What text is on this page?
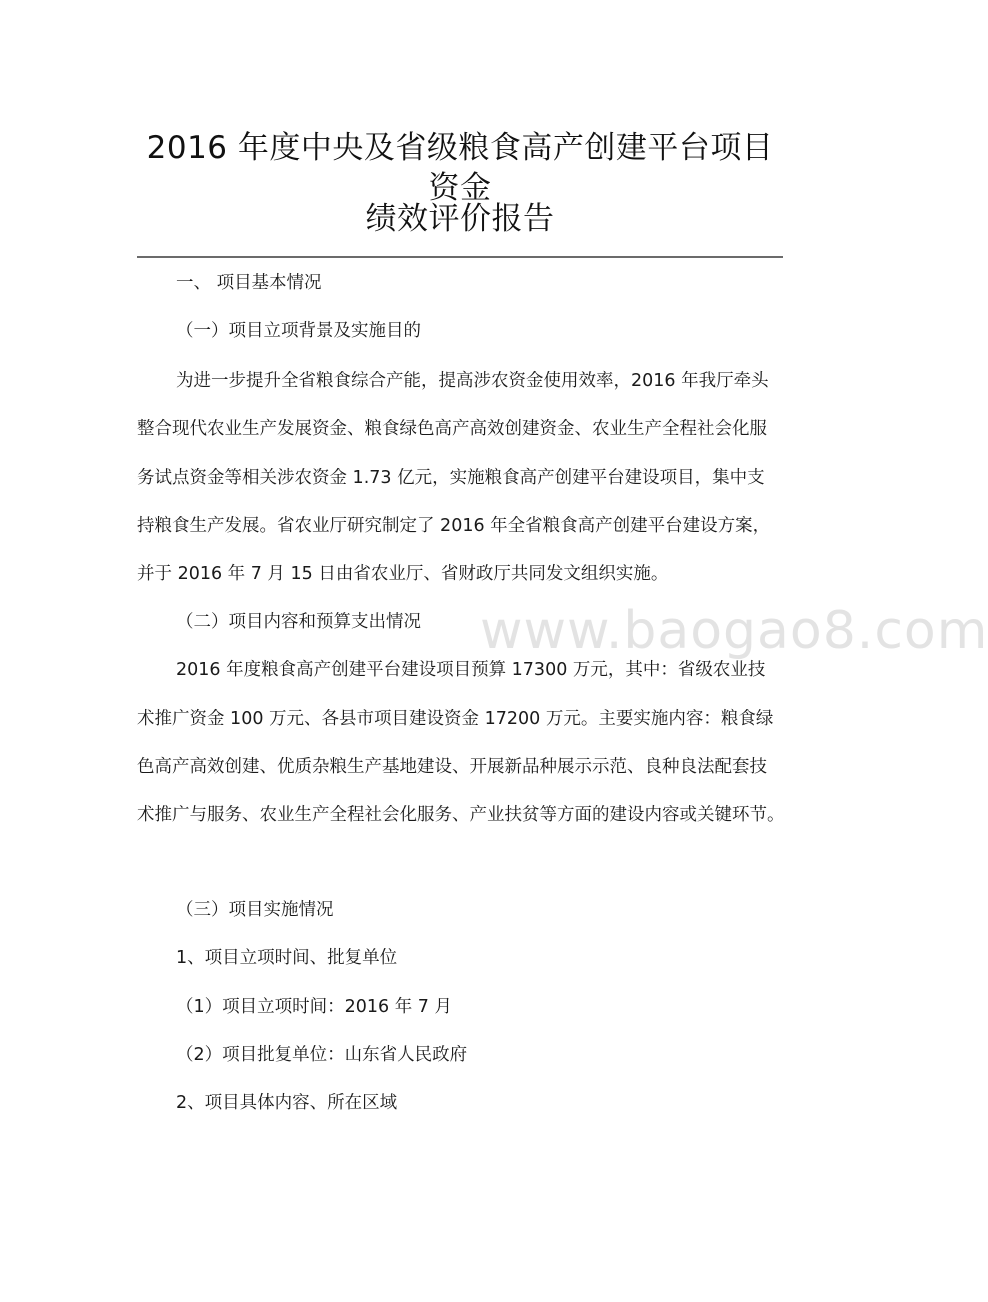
www.baogao8.com
2016 年度中央及省级粮食高产创建平台项目资金
绩效评价报告
一、 项目基本情况
（一）项目立项背景及实施目的
为进一步提升全省粮食综合产能，提高涉农资金使用效率，2016 年我厅牵头
整合现代农业生产发展资金、粮食绿色高产高效创建资金、农业生产全程社会化服
务试点资金等相关涉农资金 1.73 亿元，实施粮食高产创建平台建设项目，集中支
持粮食生产发展。省农业厅研究制定了 2016 年全省粮食高产创建平台建设方案，
并于 2016 年 7 月 15 日由省农业厅、省财政厅共同发文组织实施。
（二）项目内容和预算支出情况
2016 年度粮食高产创建平台建设项目预算 17300 万元，其中：省级农业技
术推广资金 100 万元、各县市项目建设资金 17200 万元。主要实施内容：粮食绿
色高产高效创建、优质杂粮生产基地建设、开展新品种展示示范、良种良法配套技
术推广与服务、农业生产全程社会化服务、产业扶贫等方面的建设内容或关键环节。
（三）项目实施情况
1、项目立项时间、批复单位
（1）项目立项时间：2016 年 7 月
（2）项目批复单位：山东省人民政府
2、项目具体内容、所在区域
